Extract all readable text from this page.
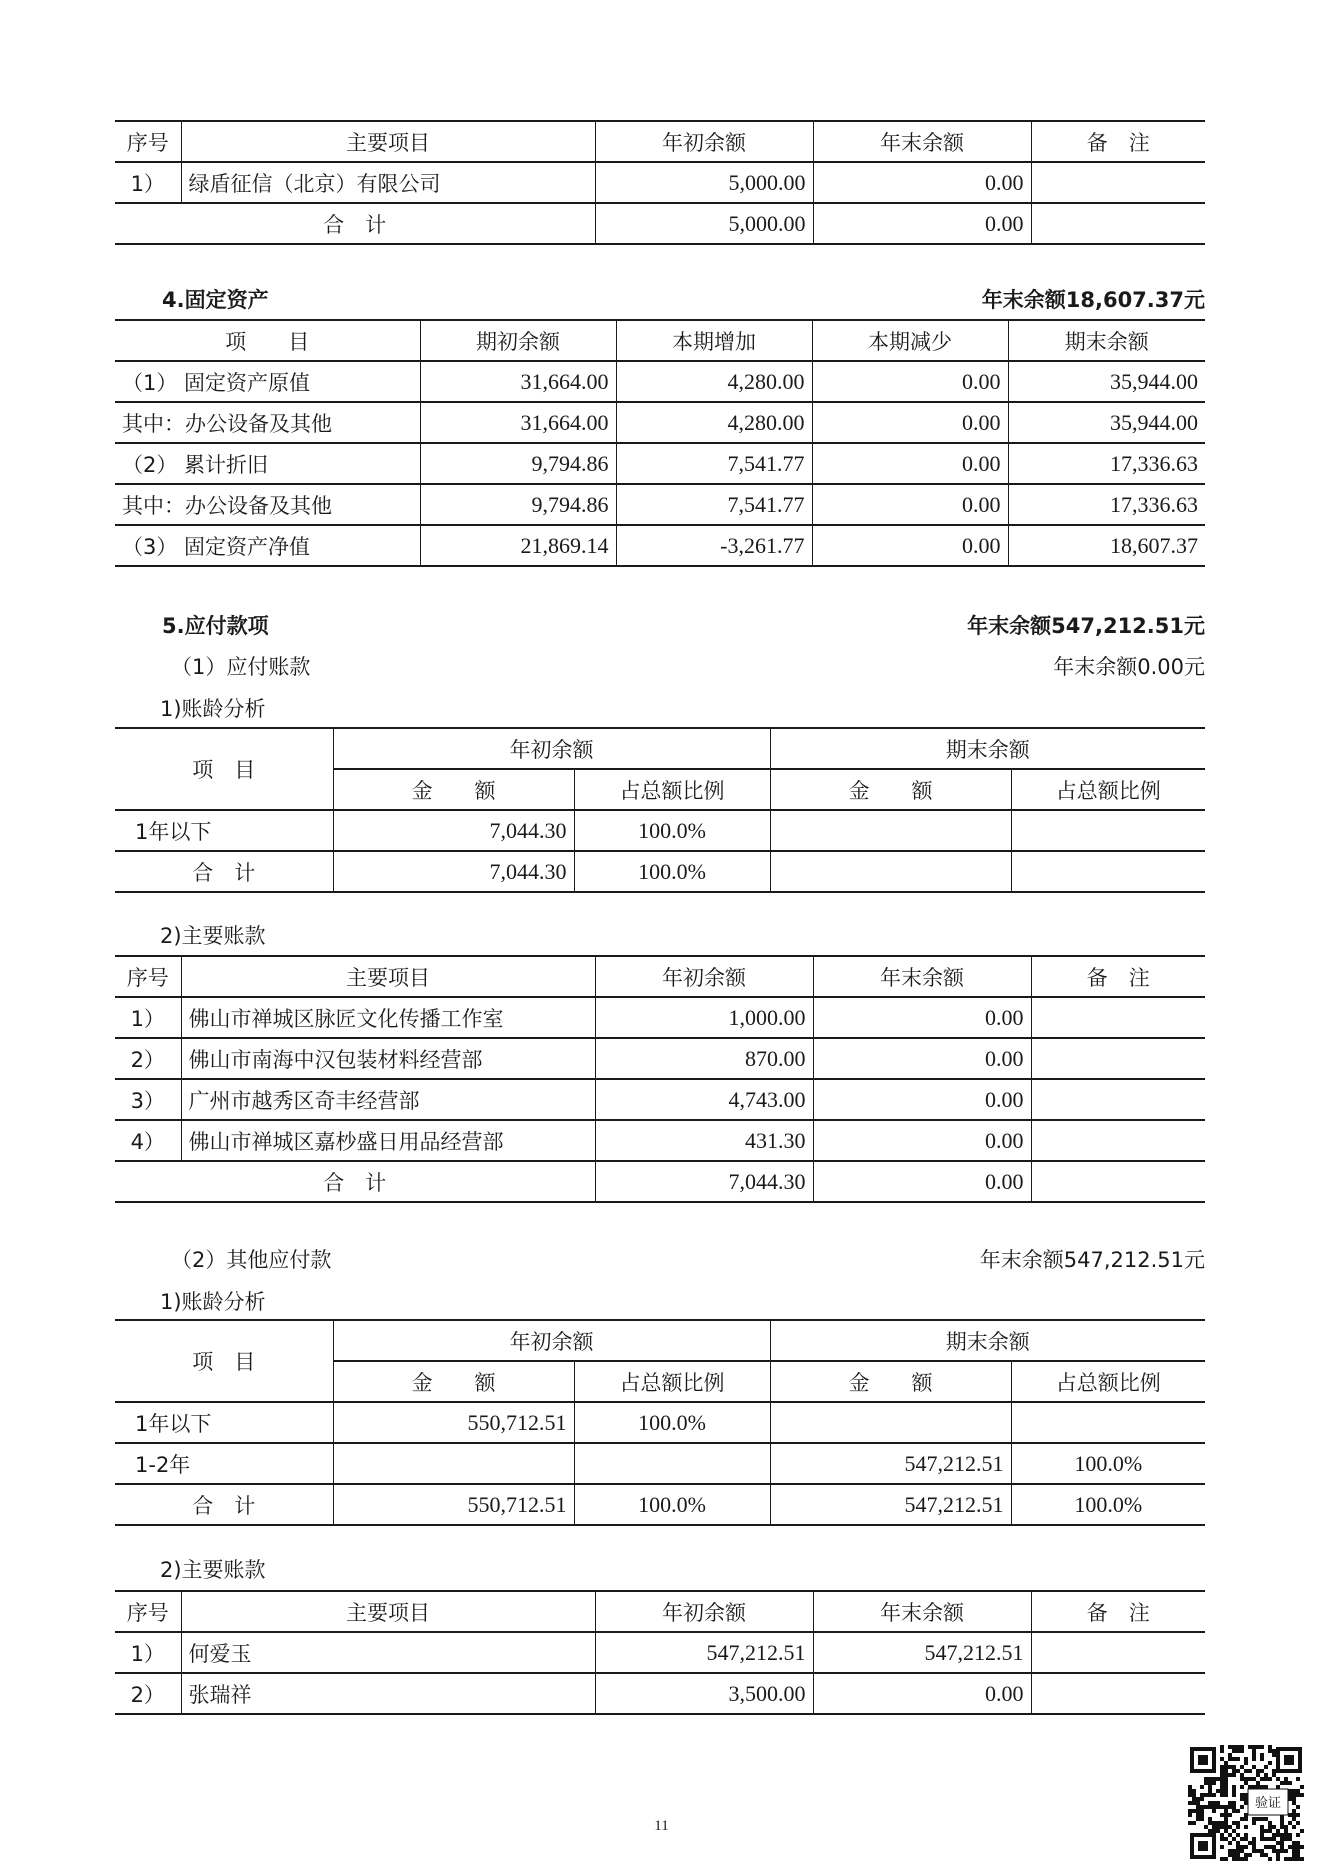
序号	主要项目	年初余额	年末余额	备　注
1）	绿盾征信（北京）有限公司	5,000.00	0.00	
合　计		5,000.00	0.00	
4.固定资产	年末余额18,607.37元
项　　目	期初余额	本期增加	本期减少	期末余额
（1） 固定资产原值	31,664.00	4,280.00	0.00	35,944.00
其中：办公设备及其他	31,664.00	4,280.00	0.00	35,944.00
（2） 累计折旧	9,794.86	7,541.77	0.00	17,336.63
其中：办公设备及其他	9,794.86	7,541.77	0.00	17,336.63
（3） 固定资产净值	21,869.14	-3,261.77	0.00	18,607.37
5.应付款项	年末余额547,212.51元
（1）应付账款	年末余额0.00元
1)账龄分析
项　目	年初余额		期末余额	
	金　　额	占总额比例	金　　额	占总额比例
1年以下	7,044.30	100.0%		
合　计	7,044.30	100.0%		
2)主要账款
序号	主要项目	年初余额	年末余额	备　注
1）	佛山市禅城区脉匠文化传播工作室	1,000.00	0.00	
2）	佛山市南海中汉包装材料经营部	870.00	0.00	
3）	广州市越秀区奇丰经营部	4,743.00	0.00	
4）	佛山市禅城区嘉杪盛日用品经营部	431.30	0.00	
合　计		7,044.30	0.00	
（2）其他应付款	年末余额547,212.51元
1)账龄分析
项　目	年初余额		期末余额	
	金　　额	占总额比例	金　　额	占总额比例
1年以下	550,712.51	100.0%		
1-2年			547,212.51	100.0%
合　计	550,712.51	100.0%	547,212.51	100.0%
2)主要账款
序号	主要项目	年初余额	年末余额	备　注
1）	何爱玉	547,212.51	547,212.51	
2）	张瑞祥	3,500.00	0.00	
11
验证
